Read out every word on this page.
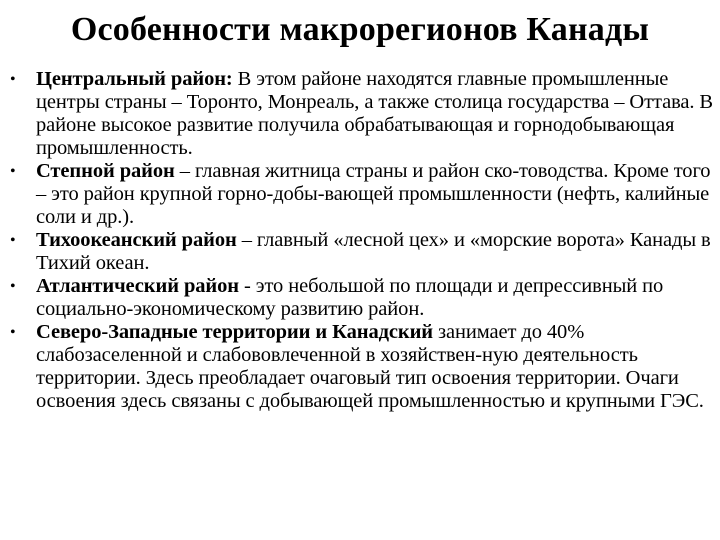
Особенности макрорегионов Канады
• Центральный район: В этом районе находятся главные промышленные центры страны – Торонто, Монреаль, а также столица государства – Оттава. В районе высокое развитие получила обрабатывающая и горнодобывающая промышленность.
• Степной район – главная житница страны и район ско-товодства. Кроме того – это район крупной горно-добы-вающей промышленности (нефть, калийные соли и др.).
• Тихоокеанский район – главный «лесной цех» и «морские ворота» Канады в Тихий океан.
• Атлантический район - это небольшой по площади и депрессивный по социально-экономическому развитию район.
• Северо-Западные территории и Канадский занимает до 40% слабозаселенной и слабововлеченной в хозяйствен-ную деятельность территории. Здесь преобладает очаговый тип освоения территории. Очаги освоения здесь связаны с добывающей промышленностью и крупными ГЭС.
